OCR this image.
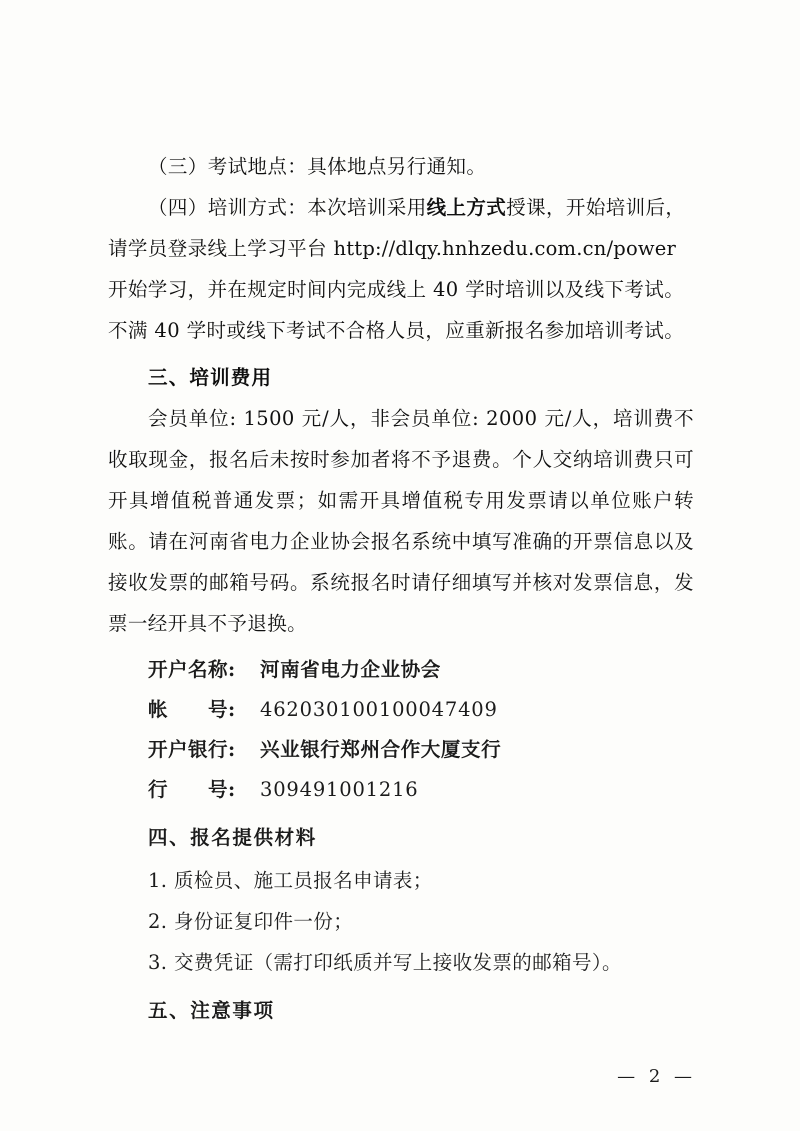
（三）考试地点：具体地点另行通知。

（四）培训方式：本次培训采用线上方式授课，开始培训后，

请学员登录线上学习平台 http://dlqy.hnhzedu.com.cn/power

开始学习，并在规定时间内完成线上 40 学时培训以及线下考试。

不满 40 学时或线下考试不合格人员，应重新报名参加培训考试。

三、培训费用

会员单位: 1500 元/人，非会员单位: 2000 元/人，培训费不收取现金，报名后未按时参加者将不予退费。个人交纳培训费只可开具增值税普通发票；如需开具增值税专用发票请以单位账户转账。请在河南省电力企业协会报名系统中填写准确的开票信息以及接收发票的邮箱号码。系统报名时请仔细填写并核对发票信息，发票一经开具不予退换。

开户名称:	河南省电力企业协会
帐　　号:	462030100100047409
开户银行:	兴业银行郑州合作大厦支行
行　　号:	309491001216

四、报名提供材料

1. 质检员、施工员报名申请表；

2. 身份证复印件一份；

3. 交费凭证（需打印纸质并写上接收发票的邮箱号）。

五、注意事项

— 2 —
